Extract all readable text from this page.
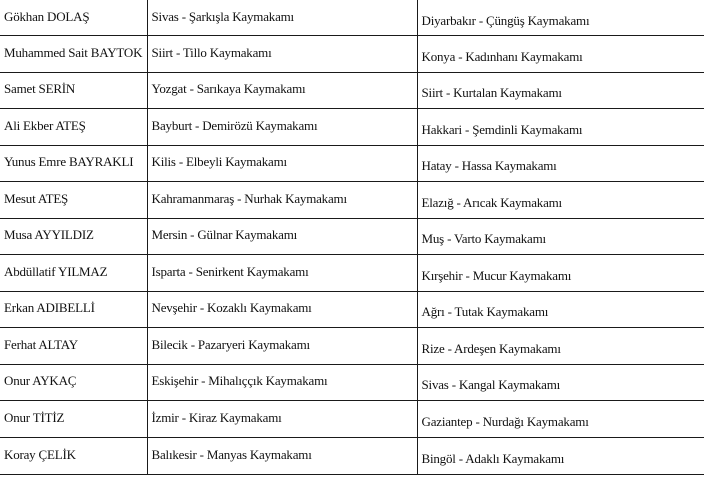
Gökhan DOLAŞ	Sivas - Şarkışla Kaymakamı	Diyarbakır - Çüngüş Kaymakamı
Muhammed Sait BAYTOK	Siirt - Tillo Kaymakamı	Konya - Kadınhanı Kaymakamı
Samet SERİN	Yozgat - Sarıkaya Kaymakamı	Siirt - Kurtalan Kaymakamı
Ali Ekber ATEŞ	Bayburt - Demirözü Kaymakamı	Hakkari - Şemdinli Kaymakamı
Yunus Emre BAYRAKLI	Kilis - Elbeyli Kaymakamı	Hatay - Hassa Kaymakamı
Mesut ATEŞ	Kahramanmaraş - Nurhak Kaymakamı	Elazığ - Arıcak Kaymakamı
Musa AYYILDIZ	Mersin - Gülnar Kaymakamı	Muş - Varto Kaymakamı
Abdüllatif YILMAZ	Isparta - Senirkent Kaymakamı	Kırşehir - Mucur Kaymakamı
Erkan ADIBELLİ	Nevşehir - Kozaklı Kaymakamı	Ağrı - Tutak Kaymakamı
Ferhat ALTAY	Bilecik - Pazaryeri Kaymakamı	Rize - Ardeşen Kaymakamı
Onur AYKAÇ	Eskişehir - Mihalıççık Kaymakamı	Sivas - Kangal Kaymakamı
Onur TİTİZ	İzmir - Kiraz Kaymakamı	Gaziantep - Nurdağı Kaymakamı
Koray ÇELİK	Balıkesir - Manyas Kaymakamı	Bingöl - Adaklı Kaymakamı
